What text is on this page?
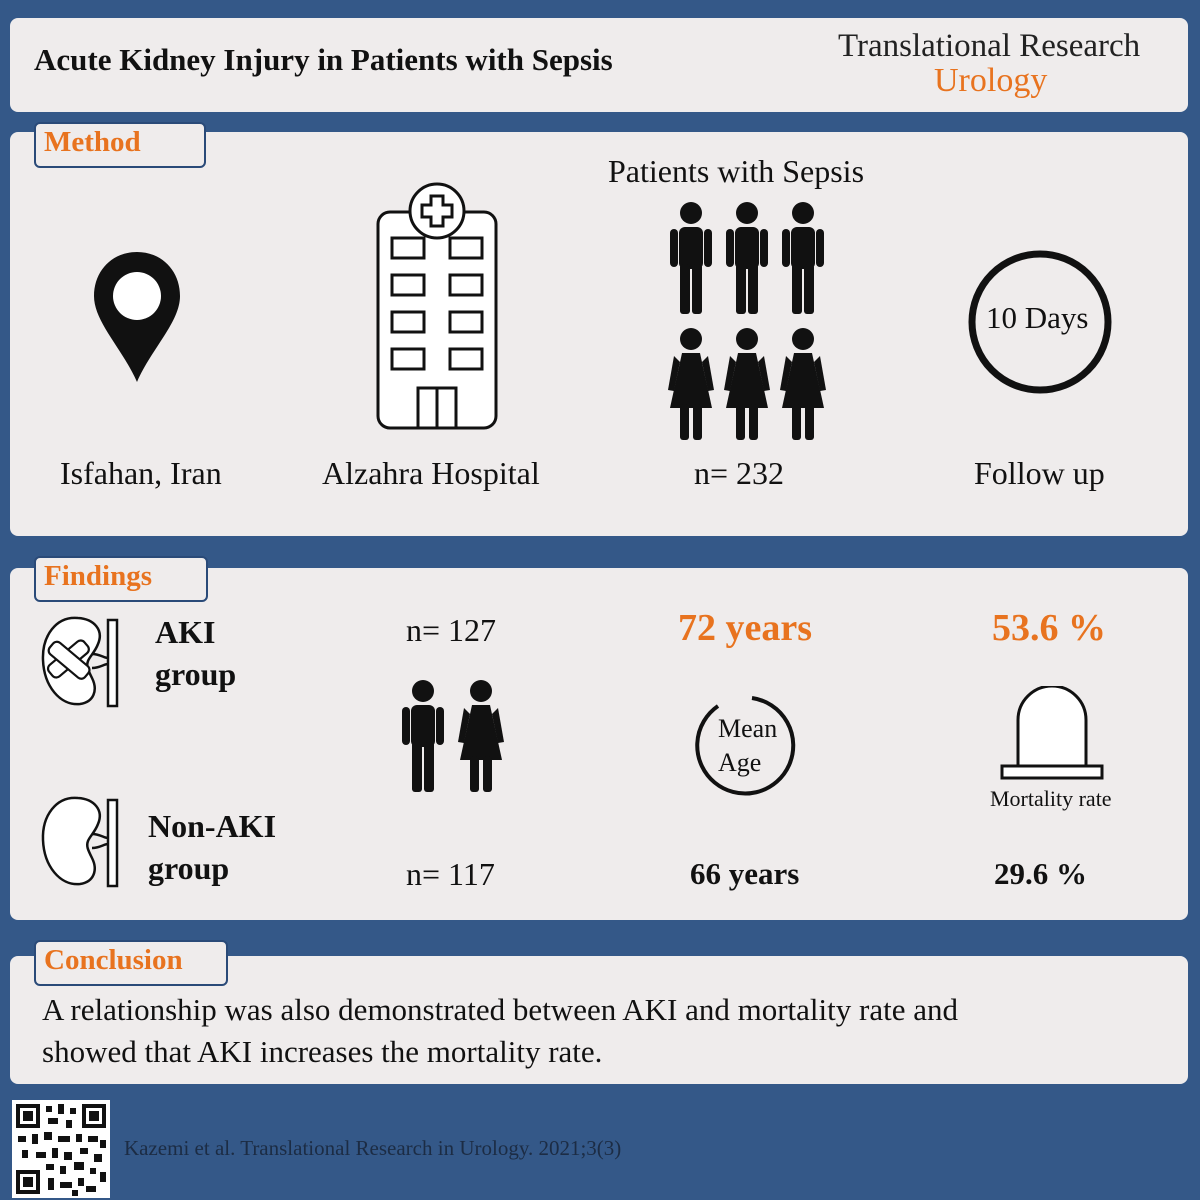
Acute Kidney Injury in Patients with Sepsis	Translational Research
Urology
Method
Isfahan, Iran	Alzahra Hospital
Patients with Sepsis
n= 232
10 Days
Follow up
Findings
AKI
group
Non-AKI
group
n= 127
n= 117
72 years
Mean
Age
66 years
53.6 %
Mortality rate
29.6 %
Conclusion
A relationship was also demonstrated between AKI and mortality rate and
showed that AKI increases the mortality rate.
Kazemi et al. Translational Research in Urology. 2021;3(3)
